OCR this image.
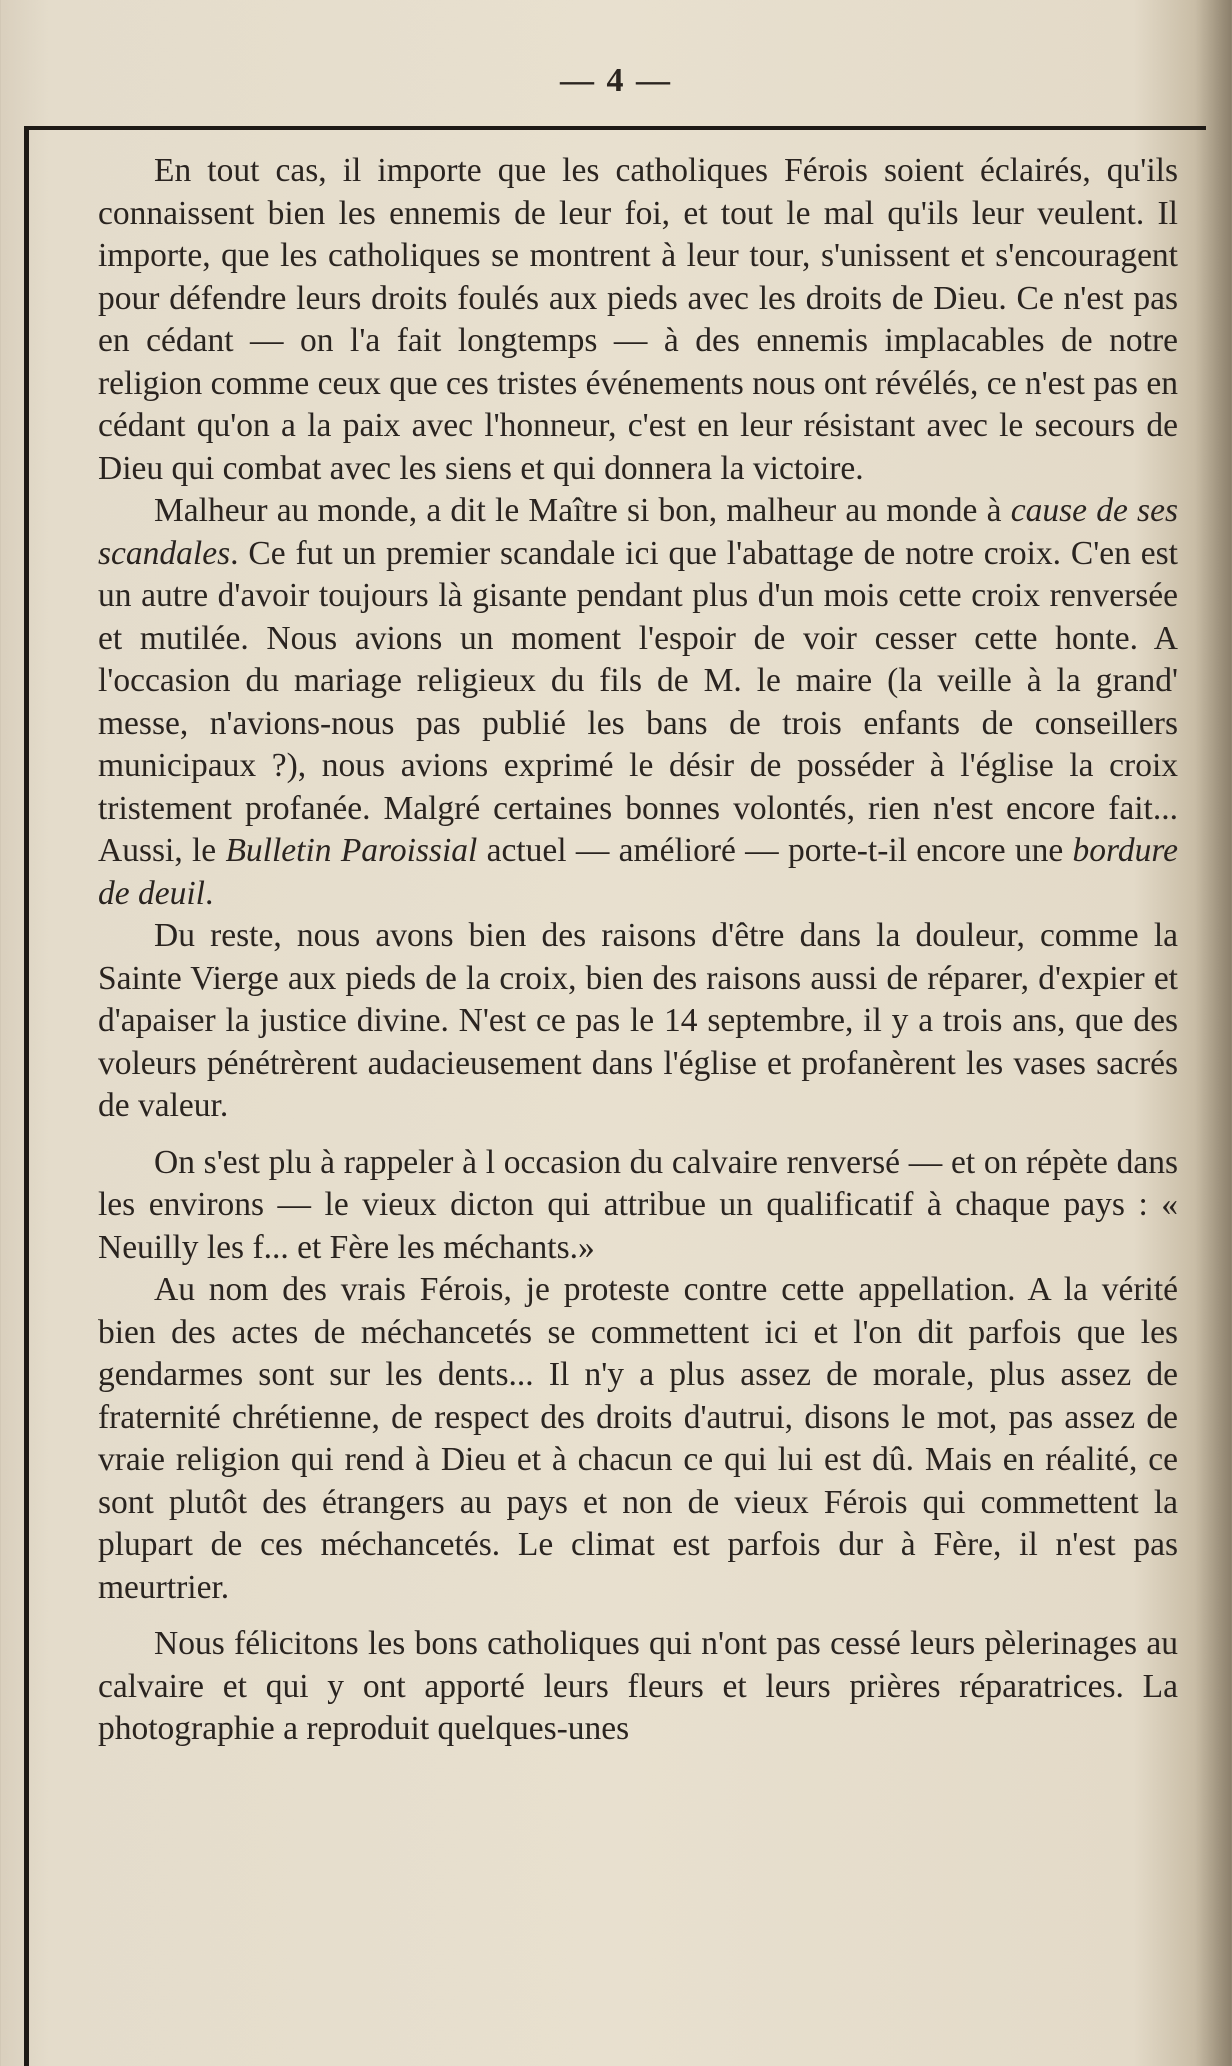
— 4 —

En tout cas, il importe que les catholiques Férois soient éclairés, qu'ils connaissent bien les ennemis de leur foi, et tout le mal qu'ils leur veulent. Il importe, que les catholiques se montrent à leur tour, s'unissent et s'encouragent pour défendre leurs droits foulés aux pieds avec les droits de Dieu. Ce n'est pas en cédant — on l'a fait longtemps — à des ennemis implacables de notre religion comme ceux que ces tristes événements nous ont révélés, ce n'est pas en cédant qu'on a la paix avec l'honneur, c'est en leur résistant avec le secours de Dieu qui combat avec les siens et qui donnera la victoire.

Malheur au monde, a dit le Maître si bon, malheur au monde à cause de ses scandales. Ce fut un premier scandale ici que l'abattage de notre croix. C'en est un autre d'avoir toujours là gisante pendant plus d'un mois cette croix renversée et mutilée. Nous avions un moment l'espoir de voir cesser cette honte. A l'occasion du mariage religieux du fils de M. le maire (la veille à la grand' messe, n'avions-nous pas publié les bans de trois enfants de conseillers municipaux ?), nous avions exprimé le désir de posséder à l'église la croix tristement profanée. Malgré certaines bonnes volontés, rien n'est encore fait... Aussi, le Bulletin Paroissial actuel — amélioré — porte-t-il encore une bordure de deuil.

Du reste, nous avons bien des raisons d'être dans la douleur, comme la Sainte Vierge aux pieds de la croix, bien des raisons aussi de réparer, d'expier et d'apaiser la justice divine. N'est ce pas le 14 septembre, il y a trois ans, que des voleurs pénétrèrent audacieusement dans l'église et profanèrent les vases sacrés de valeur.

On s'est plu à rappeler à l occasion du calvaire renversé — et on répète dans les environs — le vieux dicton qui attribue un qualificatif à chaque pays : « Neuilly les f... et Fère les méchants.»

Au nom des vrais Férois, je proteste contre cette appellation. A la vérité bien des actes de méchancetés se commettent ici et l'on dit parfois que les gendarmes sont sur les dents... Il n'y a plus assez de morale, plus assez de fraternité chrétienne, de respect des droits d'autrui, disons le mot, pas assez de vraie religion qui rend à Dieu et à chacun ce qui lui est dû. Mais en réalité, ce sont plutôt des étrangers au pays et non de vieux Férois qui commettent la plupart de ces méchancetés. Le climat est parfois dur à Fère, il n'est pas meurtrier.

Nous félicitons les bons catholiques qui n'ont pas cessé leurs pèlerinages au calvaire et qui y ont apporté leurs fleurs et leurs prières réparatrices. La photographie a reproduit quelques-unes
